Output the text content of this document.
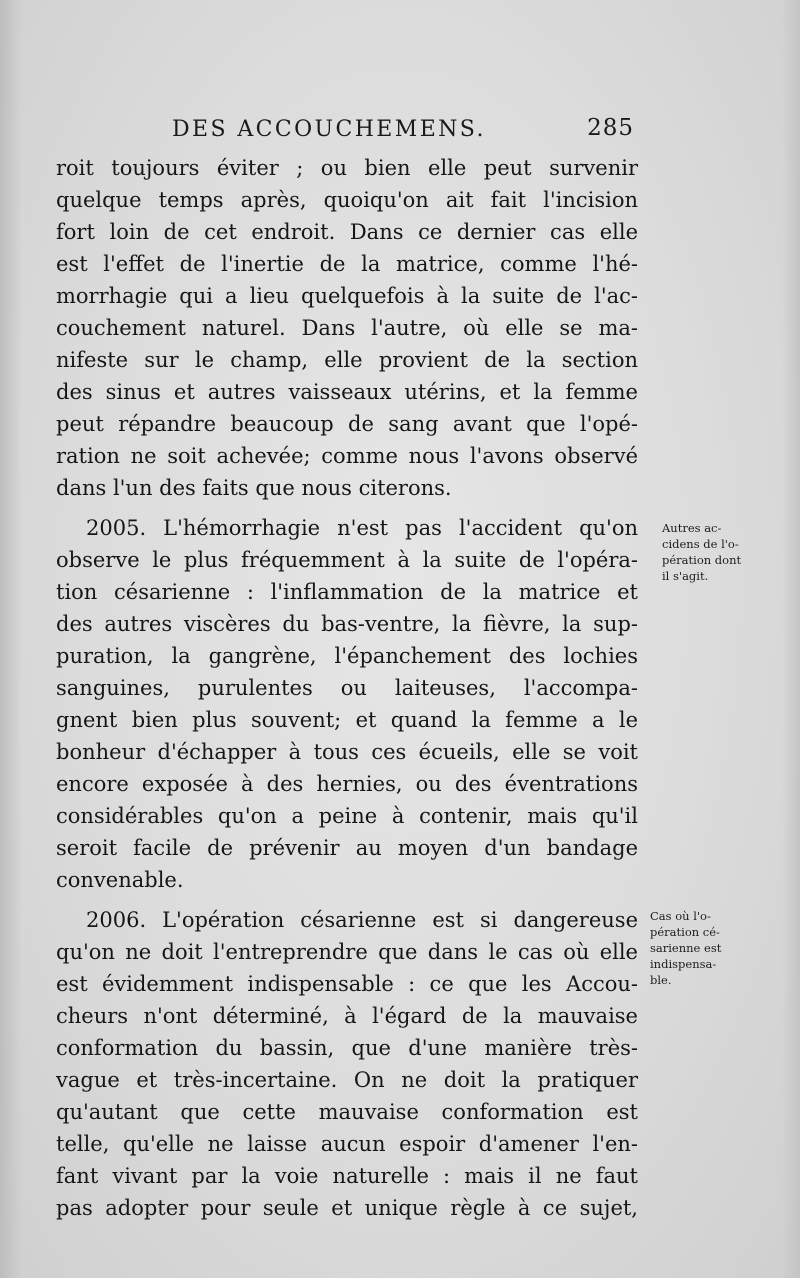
DES ACCOUCHEMENS.	285
roit toujours éviter ; ou bien elle peut survenir
quelque temps après, quoiqu'on ait fait l'incision
fort loin de cet endroit. Dans ce dernier cas elle
est l'effet de l'inertie de la matrice, comme l'hé-
morrhagie qui a lieu quelquefois à la suite de l'ac-
couchement naturel. Dans l'autre, où elle se ma-
nifeste sur le champ, elle provient de la section
des sinus et autres vaisseaux utérins, et la femme
peut répandre beaucoup de sang avant que l'opé-
ration ne soit achevée; comme nous l'avons observé
dans l'un des faits que nous citerons.
2005. L'hémorrhagie n'est pas l'accident qu'on
observe le plus fréquemment à la suite de l'opéra-
tion césarienne : l'inflammation de la matrice et
des autres viscères du bas-ventre, la fièvre, la sup-
puration, la gangrène, l'épanchement des lochies
sanguines, purulentes ou laiteuses, l'accompa-
gnent bien plus souvent; et quand la femme a le
bonheur d'échapper à tous ces écueils, elle se voit
encore exposée à des hernies, ou des éventrations
considérables qu'on a peine à contenir, mais qu'il
seroit facile de prévenir au moyen d'un bandage
convenable.
2006. L'opération césarienne est si dangereuse
qu'on ne doit l'entreprendre que dans le cas où elle
est évidemment indispensable : ce que les Accou-
cheurs n'ont déterminé, à l'égard de la mauvaise
conformation du bassin, que d'une manière très-
vague et très-incertaine. On ne doit la pratiquer
qu'autant que cette mauvaise conformation est
telle, qu'elle ne laisse aucun espoir d'amener l'en-
fant vivant par la voie naturelle : mais il ne faut
pas adopter pour seule et unique règle à ce sujet,
Autres ac-
cidens de l'o-
pération dont
il s'agit.
Cas où l'o-
pération cé-
sarienne est
indispensa-
ble.
